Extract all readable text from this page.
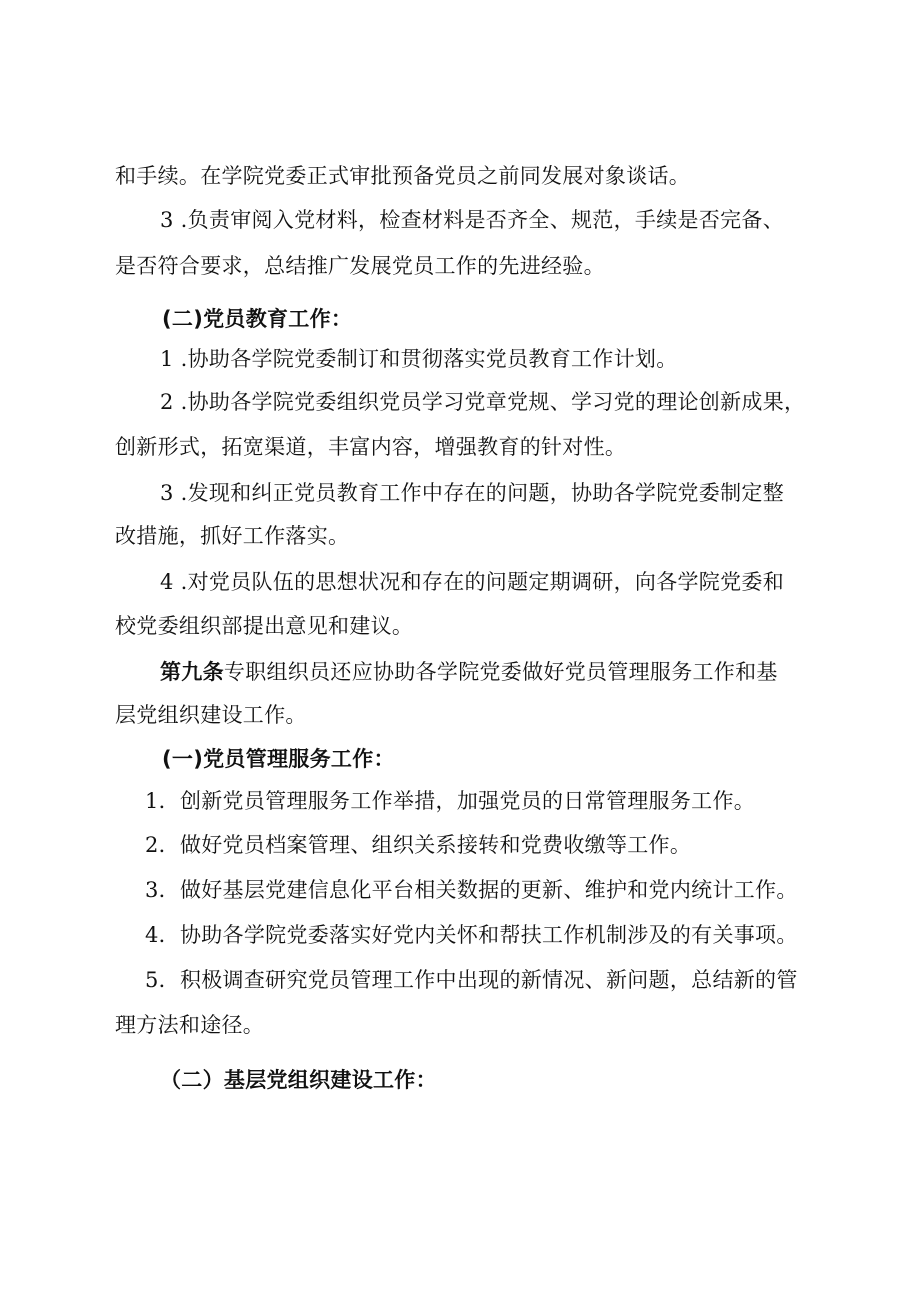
和手续。在学院党委正式审批预备党员之前同发展对象谈话。
3 .负责审阅入党材料，检查材料是否齐全、规范，手续是否完备、
是否符合要求，总结推广发展党员工作的先进经验。
(二)党员教育工作：
1 .协助各学院党委制订和贯彻落实党员教育工作计划。
2 .协助各学院党委组织党员学习党章党规、学习党的理论创新成果，
创新形式，拓宽渠道，丰富内容，增强教育的针对性。
3 .发现和纠正党员教育工作中存在的问题，协助各学院党委制定整
改措施，抓好工作落实。
4 .对党员队伍的思想状况和存在的问题定期调研，向各学院党委和
校党委组织部提出意见和建议。
第九条专职组织员还应协助各学院党委做好党员管理服务工作和基
层党组织建设工作。
(一)党员管理服务工作：
1．创新党员管理服务工作举措，加强党员的日常管理服务工作。
2．做好党员档案管理、组织关系接转和党费收缴等工作。
3．做好基层党建信息化平台相关数据的更新、维护和党内统计工作。
4．协助各学院党委落实好党内关怀和帮扶工作机制涉及的有关事项。
5．积极调查研究党员管理工作中出现的新情况、新问题，总结新的管
理方法和途径。
（二）基层党组织建设工作：
